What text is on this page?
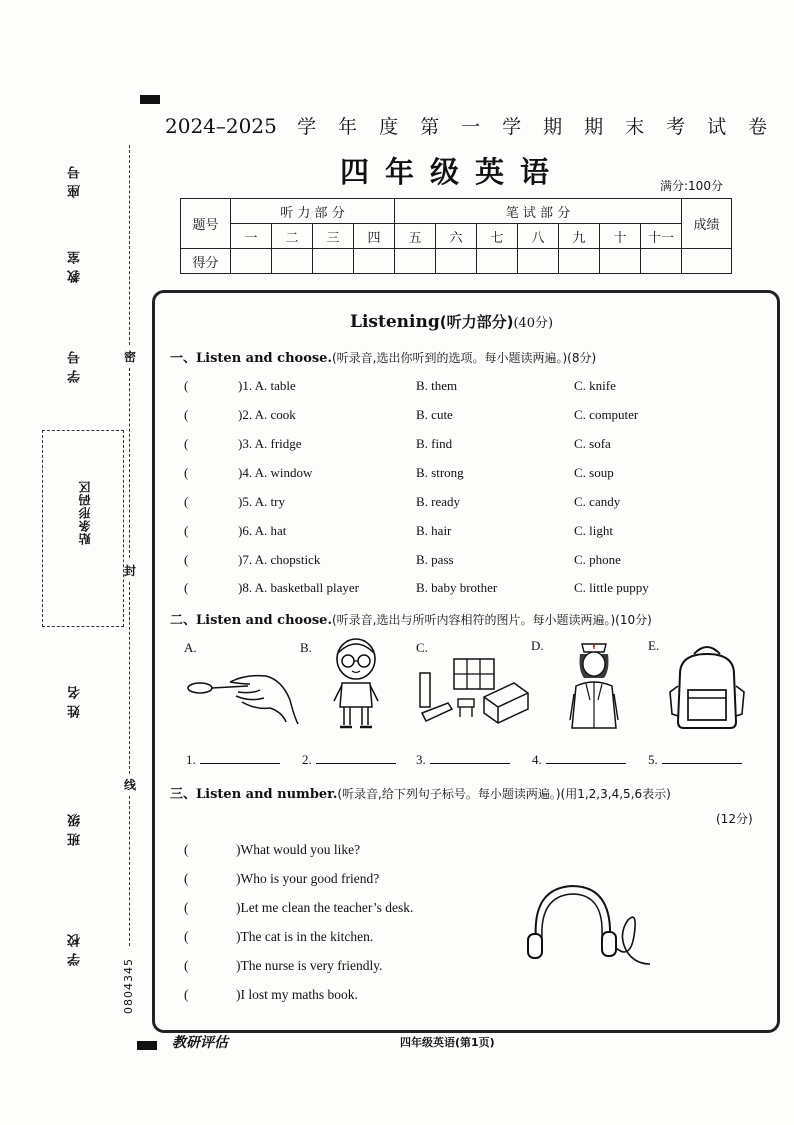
座号
教室
学号
姓名
班级
学校
密
封
线
贴条形码区
0804345
2024–2025 学年度第一学期期末考试卷
四年级英语	满分:100分
题号	听 力 部 分				笔 试 部 分							成绩
	一	二	三	四	五	六	七	八	九	十	十一	
得分												
Listening(听力部分)(40分)
一、Listen and choose.(听录音,选出你听到的选项。每小题读两遍。)(8分)
(	)1. A. table	B. them	C. knife
(	)2. A. cook	B. cute	C. computer
(	)3. A. fridge	B. find	C. sofa
(	)4. A. window	B. strong	C. soup
(	)5. A. try	B. ready	C. candy
(	)6. A. hat	B. hair	C. light
(	)7. A. chopstick	B. pass	C. phone
(	)8. A. basketball player	B. baby brother	C. little puppy
二、Listen and choose.(听录音,选出与所听内容相符的图片。每小题读两遍。)(10分)
A.	B.	C.	D.	E.
1.	2.	3.	4.	5.
三、Listen and number.(听录音,给下列句子标号。每小题读两遍。)(用1,2,3,4,5,6表示)
(12分)
(	)What would you like?
(	)Who is your good friend?
(	)Let me clean the teacher’s desk.
(	)The cat is in the kitchen.
(	)The nurse is very friendly.
(	)I lost my maths book.
教研评估	四年级英语(第1页)
